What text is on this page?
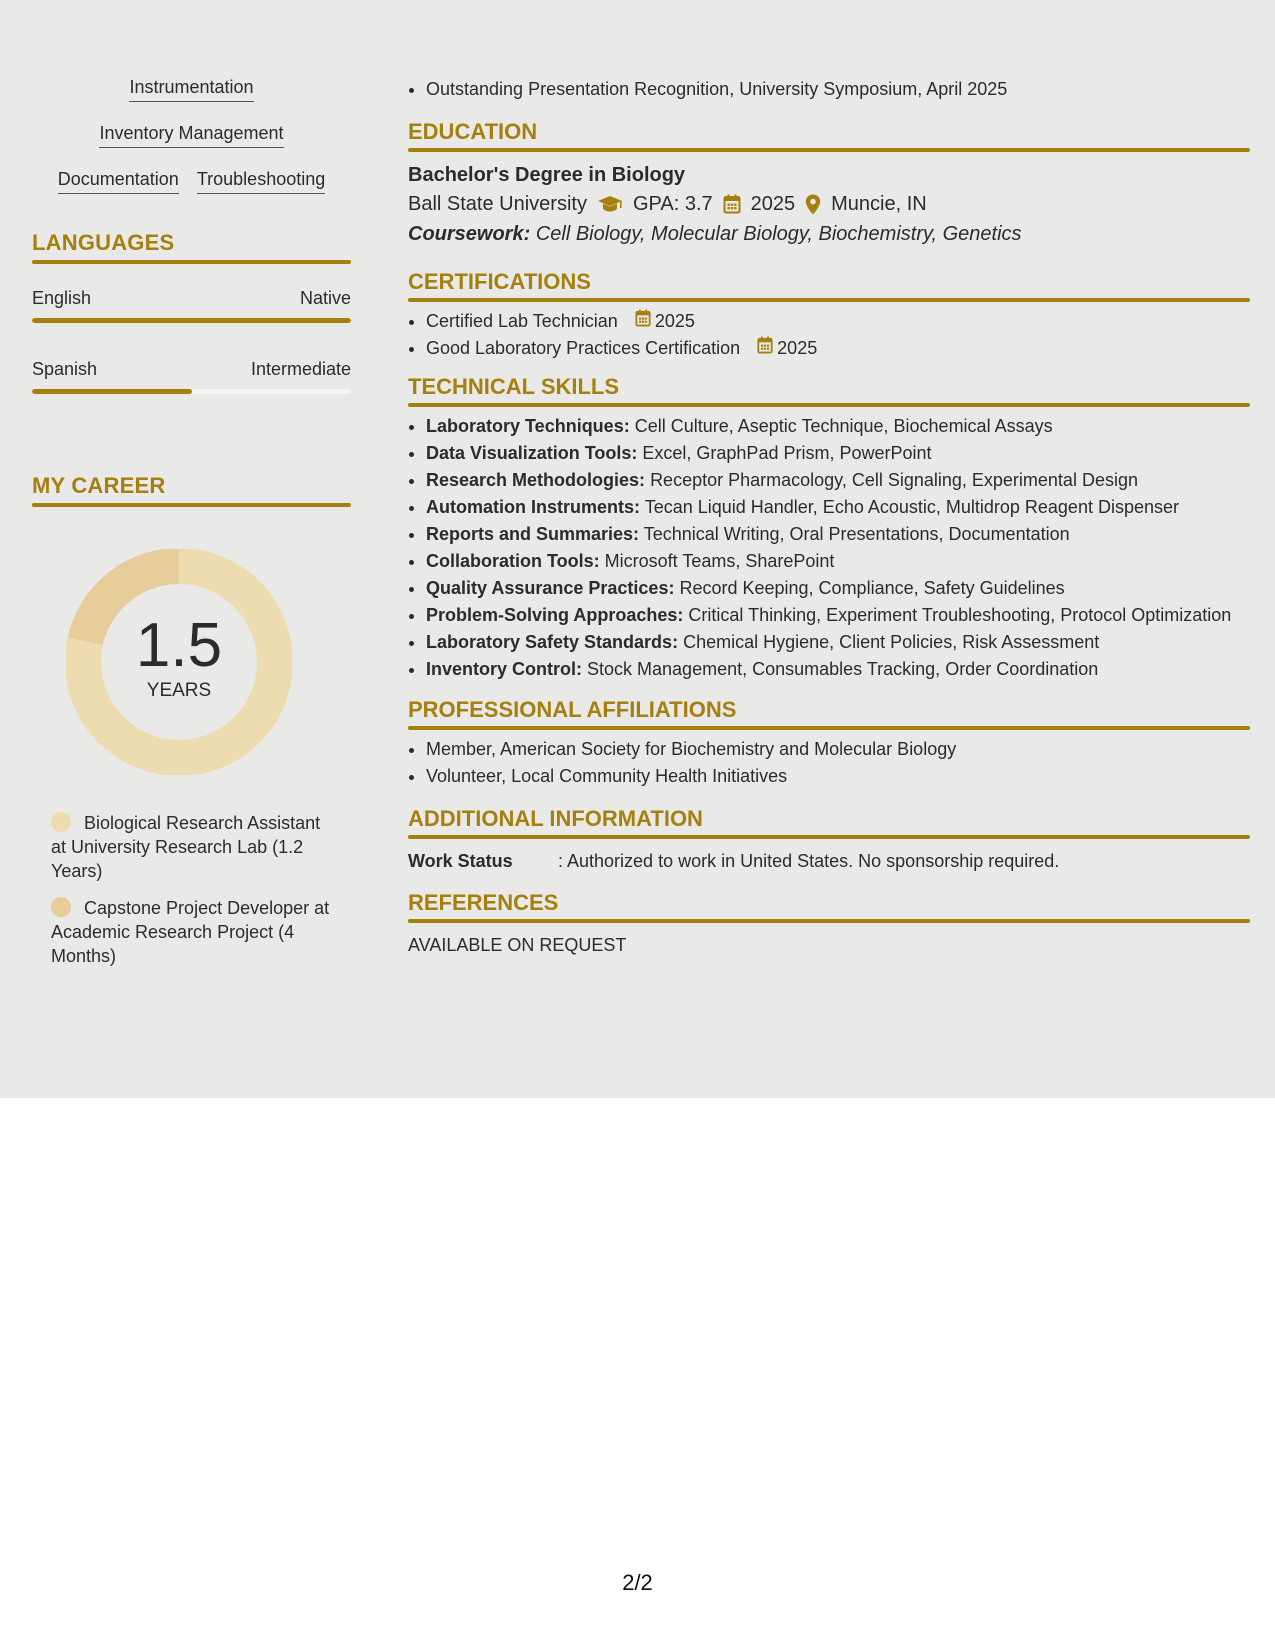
Instrumentation
Inventory Management
Documentation Troubleshooting
LANGUAGES
English	Native
Spanish	Intermediate
MY CAREER
1.5
YEARS
Biological Research Assistant at University Research Lab (1.2 Years)
Capstone Project Developer at Academic Research Project (4 Months)
• Outstanding Presentation Recognition, University Symposium, April 2025
EDUCATION
Bachelor's Degree in Biology
Ball State University GPA: 3.7 2025 Muncie, IN
Coursework: Cell Biology, Molecular Biology, Biochemistry, Genetics
CERTIFICATIONS
• Certified Lab Technician 2025
• Good Laboratory Practices Certification 2025
TECHNICAL SKILLS
• Laboratory Techniques: Cell Culture, Aseptic Technique, Biochemical Assays
• Data Visualization Tools: Excel, GraphPad Prism, PowerPoint
• Research Methodologies: Receptor Pharmacology, Cell Signaling, Experimental Design
• Automation Instruments: Tecan Liquid Handler, Echo Acoustic, Multidrop Reagent Dispenser
• Reports and Summaries: Technical Writing, Oral Presentations, Documentation
• Collaboration Tools: Microsoft Teams, SharePoint
• Quality Assurance Practices: Record Keeping, Compliance, Safety Guidelines
• Problem-Solving Approaches: Critical Thinking, Experiment Troubleshooting, Protocol Optimization
• Laboratory Safety Standards: Chemical Hygiene, Client Policies, Risk Assessment
• Inventory Control: Stock Management, Consumables Tracking, Order Coordination
PROFESSIONAL AFFILIATIONS
• Member, American Society for Biochemistry and Molecular Biology
• Volunteer, Local Community Health Initiatives
ADDITIONAL INFORMATION
Work Status	: Authorized to work in United States. No sponsorship required.
REFERENCES
AVAILABLE ON REQUEST
2/2
